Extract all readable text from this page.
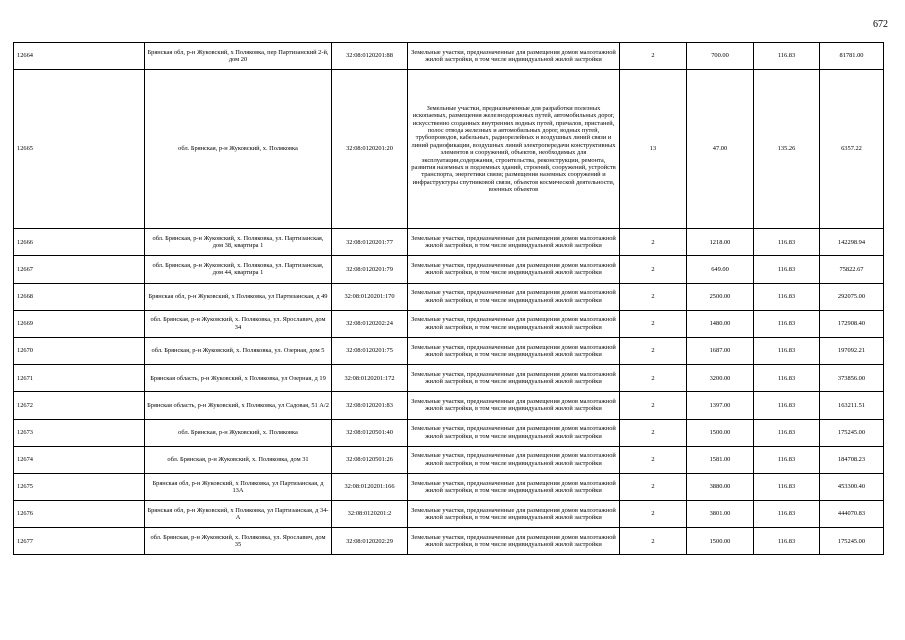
672
12664	Брянская обл, р-н Жуковский, х Поляковка, пер Партизанский 2-й, дом 20	32:08:0120201:88	Земельные участки, предназначенные для размещения домов малоэтажной жилой застройки, в том числе индивидуальной жилой застройки	2	700.00	116.83	81781.00
12665	обл. Брянская, р-н Жуковский, х. Поляковка	32:08:0120201:20	Земельные участки, предназначенные для разработки полезных ископаемых, размещения железнодорожных путей, автомобильных дорог, искусственно созданных внутренних водных путей, причалов, пристаней, полос отвода железных и автомобильных дорог, водных путей, трубопроводов, кабельных, радиорелейных и воздушных линий связи и линий радиофикации, воздушных линий электропередачи конструктивных элементов и сооружений, объектов, необходимых для эксплуатации,содержания, строительства, реконструкции, ремонта, развития наземных и подземных зданий, строений, сооружений, устройств транспорта, энергетики связи; размещения наземных сооружений и инфраструктуры спутниковой связи, объектов космической деятельности, военных объектов	13	47.00	135.26	6357.22
12666	обл. Брянская, р-н Жуковский, х. Поляковка, ул. Партизанская, дом 38, квартира 1	32:08:0120201:77	Земельные участки, предназначенные для размещения домов малоэтажной жилой застройки, в том числе индивидуальной жилой застройки	2	1218.00	116.83	142298.94
12667	обл. Брянская, р-н Жуковский, х. Поляковка, ул. Партизанская, дом 44, квартира 1	32:08:0120201:79	Земельные участки, предназначенные для размещения домов малоэтажной жилой застройки, в том числе индивидуальной жилой застройки	2	649.00	116.83	75822.67
12668	Брянская обл, р-н Жуковский, х Поляковка, ул Партизанская, д 49	32:08:0120201:170	Земельные участки, предназначенные для размещения домов малоэтажной жилой застройки, в том числе индивидуальной жилой застройки	2	2500.00	116.83	292075.00
12669	обл. Брянская, р-н Жуковский, х. Поляковка, ул. Ярославич, дом 34	32:08:0120202:24	Земельные участки, предназначенные для размещения домов малоэтажной жилой застройки, в том числе индивидуальной жилой застройки	2	1480.00	116.83	172908.40
12670	обл. Брянская, р-н Жуковский, х. Поляковка, ул. Озерная, дом 5	32:08:0120201:75	Земельные участки, предназначенные для размещения домов малоэтажной жилой застройки, в том числе индивидуальной жилой застройки	2	1687.00	116.83	197092.21
12671	Брянская область, р-н Жуковский, х Поляковка, ул Озерная, д 19	32:08:0120201:172	Земельные участки, предназначенные для размещения домов малоэтажной жилой застройки, в том числе индивидуальной жилой застройки	2	3200.00	116.83	373856.00
12672	Брянская область, р-н Жуковский, х Поляковка, ул Садовая, 51 А/2	32:08:0120201:83	Земельные участки, предназначенные для размещения домов малоэтажной жилой застройки, в том числе индивидуальной жилой застройки	2	1397.00	116.83	163211.51
12673	обл. Брянская, р-н Жуковский, х. Поляковка	32:08:0120501:40	Земельные участки, предназначенные для размещения домов малоэтажной жилой застройки, в том числе индивидуальной жилой застройки	2	1500.00	116.83	175245.00
12674	обл. Брянская, р-н Жуковский, х. Поляковка, дом 31	32:08:0120501:26	Земельные участки, предназначенные для размещения домов малоэтажной жилой застройки, в том числе индивидуальной жилой застройки	2	1581.00	116.83	184708.23
12675	Брянская обл, р-н Жуковский, х Поляковка, ул Партизанская, д 13А	32:08:0120201:166	Земельные участки, предназначенные для размещения домов малоэтажной жилой застройки, в том числе индивидуальной жилой застройки	2	3880.00	116.83	453300.40
12676	Брянская обл, р-н Жуковский, х Поляковка, ул Партизанская, д 34-А	32:08:0120201:2	Земельные участки, предназначенные для размещения домов малоэтажной жилой застройки, в том числе индивидуальной жилой застройки	2	3801.00	116.83	444070.83
12677	обл. Брянская, р-н Жуковский, х. Поляковка, ул. Ярославич, дом 35	32:08:0120202:29	Земельные участки, предназначенные для размещения домов малоэтажной жилой застройки, в том числе индивидуальной жилой застройки	2	1500.00	116.83	175245.00
